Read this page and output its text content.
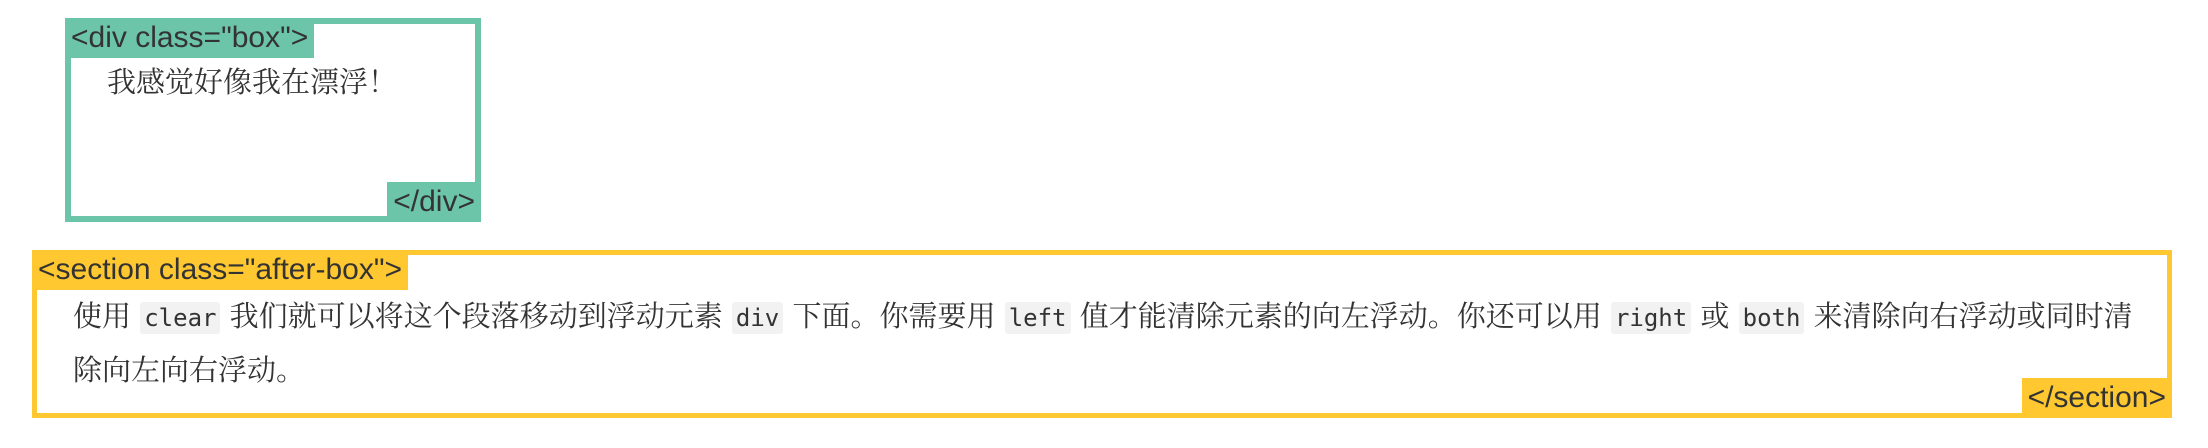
<div class="box">
我感觉好像我在漂浮！
</div>
<section class="after-box">

使用 clear 我们就可以将这个段落移动到浮动元素 div 下面。你需要用 left 值才能清除元素的向左浮动。你还可以用 right 或 both 来清除向右浮动或同时清除向左向右浮动。

</section>
